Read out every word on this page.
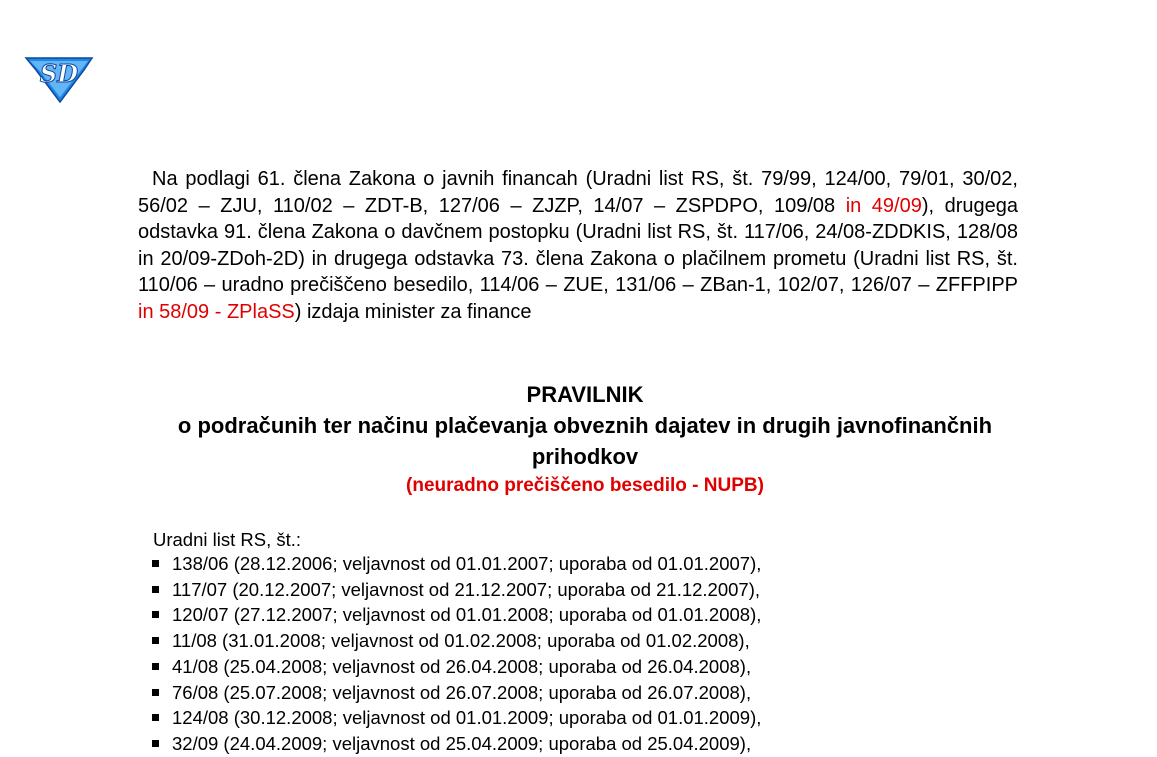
SD

Na podlagi 61. člena Zakona o javnih financah (Uradni list RS, št. 79/99, 124/00, 79/01, 30/02, 56/02 – ZJU, 110/02 – ZDT-B, 127/06 – ZJZP, 14/07 – ZSPDPO, 109/08 in 49/09), drugega odstavka 91. člena Zakona o davčnem postopku (Uradni list RS, št. 117/06, 24/08-ZDDKIS, 128/08 in 20/09-ZDoh-2D) in drugega odstavka 73. člena Zakona o plačilnem prometu (Uradni list RS, št. 110/06 – uradno prečiščeno besedilo, 114/06 – ZUE, 131/06 – ZBan-1, 102/07, 126/07 – ZFFPIPP in 58/09 - ZPlaSS) izdaja minister za finance

PRAVILNIK
o podračunih ter načinu plačevanja obveznih dajatev in drugih javnofinančnih prihodkov
(neuradno prečiščeno besedilo - NUPB)

Uradni list RS, št.:

138/06 (28.12.2006; veljavnost od 01.01.2007; uporaba od 01.01.2007),
117/07 (20.12.2007; veljavnost od 21.12.2007; uporaba od 21.12.2007),
120/07 (27.12.2007; veljavnost od 01.01.2008; uporaba od 01.01.2008),
11/08 (31.01.2008; veljavnost od 01.02.2008; uporaba od 01.02.2008),
41/08 (25.04.2008; veljavnost od 26.04.2008; uporaba od 26.04.2008),
76/08 (25.07.2008; veljavnost od 26.07.2008; uporaba od 26.07.2008),
124/08 (30.12.2008; veljavnost od 01.01.2009; uporaba od 01.01.2009),
32/09 (24.04.2009; veljavnost od 25.04.2009; uporaba od 25.04.2009),
